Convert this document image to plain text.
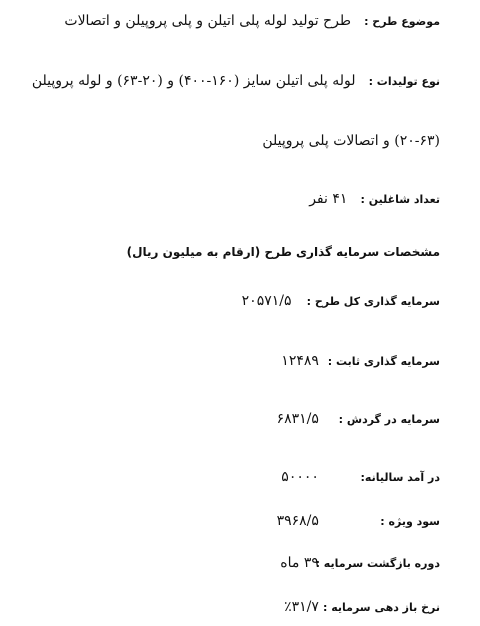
موضوع طرح : طرح تولید لوله پلی اتیلن و پلی پروپیلن و اتصالات
نوع تولیدات : لوله پلی اتیلن سایز (۱۶۰-۴۰۰) و (۲۰-۶۳) و لوله پروپیلن
(۲۰-۶۳) و اتصالات پلی پروپیلن
تعداد شاغلین : ۴۱ نفر
مشخصات سرمایه گذاری طرح (ارقام به میلیون ریال)
سرمایه گذاری کل طرح : ۲۰۵۷۱/۵
سرمایه گذاری ثابت : ۱۲۴۸۹
سرمایه در گردش : ۶۸۳۱/۵
در آمد سالیانه: ۵۰۰۰۰
سود ویژه : ۳۹۶۸/۵
دوره بازگشت سرمایه : ۳۹ ماه
نرخ باز دهی سرمایه : ٪۳۱/۷
